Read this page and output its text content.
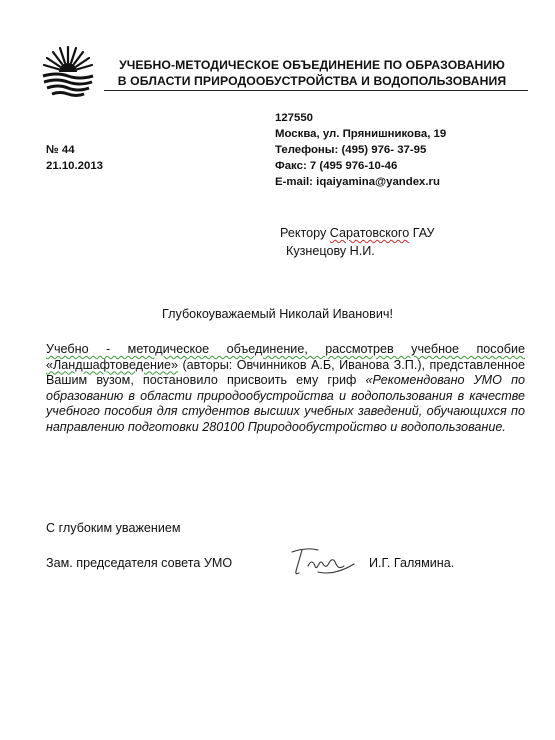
УЧЕБНО-МЕТОДИЧЕСКОЕ ОБЪЕДИНЕНИЕ ПО ОБРАЗОВАНИЮ
В ОБЛАСТИ ПРИРОДООБУСТРОЙСТВА И ВОДОПОЛЬЗОВАНИЯ
127550
Москва, ул. Прянишникова, 19
Телефоны: (495) 976- 37-95
Факс: 7 (495 976-10-46
E-mail: iqaiyamina@yandex.ru
№ 44
21.10.2013
Ректору Саратовского ГАУ
Кузнецову Н.И.
Глубокоуважаемый Николай Иванович!
Учебно - методическое объединение, рассмотрев учебное пособие «Ландшафтоведение» (авторы: Овчинников А.Б, Иванова З.П.), представленное Вашим вузом, постановило присвоить ему гриф «Рекомендовано УМО по образованию в области природообустройства и водопользования в качестве учебного пособия для студентов высших учебных заведений, обучающихся по направлению подготовки 280100 Природообустройство и водопользование.
С глубоким уважением
Зам. председателя совета УМО	И.Г. Галямина.
